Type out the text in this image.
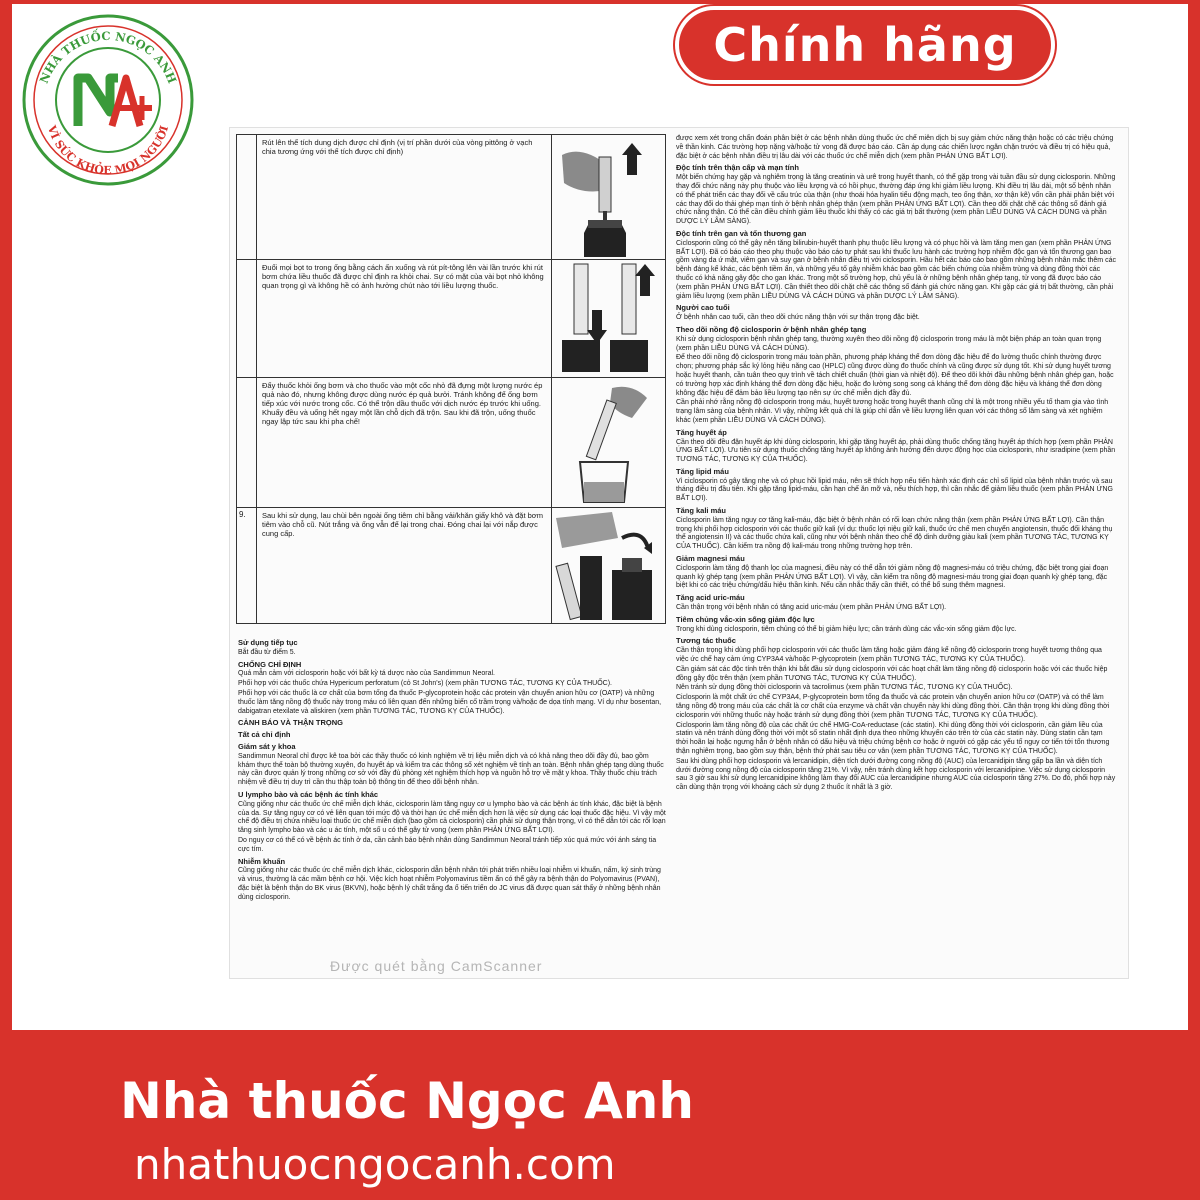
NHÀ THUỐC NGỌC ANH
VÌ SỨC KHỎE MỌI NGƯỜI
Chính hãng
Rút lên thể tích dung dịch được chỉ định (vị trí phần dưới của vòng pittông ở vạch chia tương ứng với thể tích được chỉ định)
Đuổi mọi bọt to trong ống bằng cách ấn xuống và rút pít-tông lên vài lần trước khi rút bơm chứa liều thuốc đã được chỉ định ra khỏi chai. Sự có mặt của vài bọt nhỏ không quan trọng gì và không hề có ảnh hưởng chút nào tới liều lượng thuốc.
Đẩy thuốc khỏi ống bơm và cho thuốc vào một cốc nhỏ đã đựng một lượng nước ép quả nào đó, nhưng không được dùng nước ép quả bưởi. Tránh không để ống bơm tiếp xúc với nước trong cốc. Có thể trộn dầu thuốc với dịch nước ép trước khi uống. Khuấy đều và uống hết ngay một lần chỗ dịch đã trộn. Sau khi đã trộn, uống thuốc ngay lập tức sau khi pha chế!
9.	Sau khi sử dụng, lau chùi bên ngoài ống tiêm chỉ bằng vải/khăn giấy khô và đặt bơm tiêm vào chỗ cũ. Nút trắng và ống vẫn để lại trong chai. Đóng chai lại với nắp được cung cấp.
Sử dụng tiếp tục

Bắt đầu từ điểm 5.

CHỐNG CHỈ ĐỊNH

Quá mẫn cảm với ciclosporin hoặc với bất kỳ tá dược nào của Sandimmun Neoral.

Phối hợp với các thuốc chứa Hypericum perforatum (cỏ St John's) (xem phần TƯƠNG TÁC, TƯƠNG KỴ CỦA THUỐC).

Phối hợp với các thuốc là cơ chất của bơm tống đa thuốc P-glycoprotein hoặc các protein vận chuyển anion hữu cơ (OATP) và những thuốc làm tăng nồng độ thuốc này trong máu có liên quan đến những biến cố trầm trọng và/hoặc đe dọa tính mạng. Ví dụ như bosentan, dabigatran etexilate và aliskiren (xem phần TƯƠNG TÁC, TƯƠNG KỴ CỦA THUỐC).

CẢNH BÁO VÀ THẬN TRỌNG
Tất cả chỉ định
Giám sát y khoa

Sandimmun Neoral chỉ được kê toa bởi các thầy thuốc có kinh nghiệm về trị liệu miễn dịch và có khả năng theo dõi đầy đủ, bao gồm khám thực thể toàn bộ thường xuyên, đo huyết áp và kiểm tra các thông số xét nghiệm về tính an toàn. Bệnh nhân ghép tạng dùng thuốc này cần được quản lý trong những cơ sở với đầy đủ phòng xét nghiệm thích hợp và nguồn hỗ trợ về mặt y khoa. Thầy thuốc chịu trách nhiệm về điều trị duy trì cần thu thập toàn bộ thông tin để theo dõi bệnh nhân.

U lympho bào và các bệnh ác tính khác

Cũng giống như các thuốc ức chế miễn dịch khác, ciclosporin làm tăng nguy cơ u lympho bào và các bệnh ác tính khác, đặc biệt là bệnh của da. Sự tăng nguy cơ có vẻ liên quan tới mức độ và thời hạn ức chế miễn dịch hơn là việc sử dụng các loại thuốc đặc hiệu. Vì vậy một chế độ điều trị chứa nhiều loại thuốc ức chế miễn dịch (bao gồm cả ciclosporin) cần phải sử dụng thận trọng, vì có thể dẫn tới các rối loạn tăng sinh lympho bào và các u ác tính, một số u có thể gây tử vong (xem phần PHẢN ỨNG BẤT LỢI).

Do nguy cơ có thể có về bệnh ác tính ở da, cần cảnh báo bệnh nhân dùng Sandimmun Neoral tránh tiếp xúc quá mức với ánh sáng tia cực tím.

Nhiễm khuẩn

Cũng giống như các thuốc ức chế miễn dịch khác, ciclosporin dẫn bệnh nhân tới phát triển nhiều loại nhiễm vi khuẩn, nấm, ký sinh trùng và virus, thường là các mầm bệnh cơ hội. Việc kích hoạt nhiễm Polyomavirus tiềm ẩn có thể gây ra bệnh thận do Polyomavirus (PVAN), đặc biệt là bệnh thận do BK virus (BKVN), hoặc bệnh lý chất trắng đa ổ tiến triển do JC virus đã được quan sát thấy ở những bệnh nhân dùng ciclosporin.

được xem xét trong chẩn đoán phân biệt ở các bệnh nhân dùng thuốc ức chế miễn dịch bị suy giảm chức năng thận hoặc có các triệu chứng về thần kinh. Các trường hợp nặng và/hoặc tử vong đã được báo cáo. Cần áp dụng các chiến lược ngăn chặn trước và điều trị có hiệu quả, đặc biệt ở các bệnh nhân điều trị lâu dài với các thuốc ức chế miễn dịch (xem phần PHẢN ỨNG BẤT LỢI).

Độc tính trên thận cấp và mạn tính

Một biến chứng hay gặp và nghiêm trọng là tăng creatinin và urê trong huyết thanh, có thể gặp trong vài tuần đầu sử dụng ciclosporin. Những thay đổi chức năng này phụ thuộc vào liều lượng và có hồi phục, thường đáp ứng khi giảm liều lượng. Khi điều trị lâu dài, một số bệnh nhân có thể phát triển các thay đổi về cấu trúc của thận (như thoái hóa hyalin tiểu động mạch, teo ống thận, xơ thận kẽ) vốn cần phải phân biệt với các thay đổi do thải ghép mạn tính ở bệnh nhân ghép thận (xem phần PHẢN ỨNG BẤT LỢI). Cần theo dõi chặt chẽ các thông số đánh giá chức năng thận. Có thể cần điều chỉnh giảm liều thuốc khi thấy có các giá trị bất thường (xem phần LIỀU DÙNG VÀ CÁCH DÙNG và phần DƯỢC LÝ LÂM SÀNG).

Độc tính trên gan và tổn thương gan

Ciclosporin cũng có thể gây nên tăng bilirubin-huyết thanh phụ thuộc liều lượng và có phục hồi và làm tăng men gan (xem phần PHẢN ỨNG BẤT LỢI). Đã có báo cáo theo phụ thuộc vào báo cáo tự phát sau khi thuốc lưu hành các trường hợp nhiễm độc gan và tổn thương gan bao gồm vàng da ứ mật, viêm gan và suy gan ở bệnh nhân điều trị với ciclosporin. Hầu hết các báo cáo bao gồm những bệnh nhân mắc thêm các bệnh đáng kể khác, các bệnh tiềm ẩn, và những yếu tố gây nhiễm khác bao gồm các biến chứng của nhiễm trùng và dùng đồng thời các thuốc có khả năng gây độc cho gan khác. Trong một số trường hợp, chủ yếu là ở những bệnh nhân ghép tạng, tử vong đã được báo cáo (xem phần PHẢN ỨNG BẤT LỢI). Cần thiết theo dõi chặt chẽ các thông số đánh giá chức năng gan. Khi gặp các giá trị bất thường, cần phải giảm liều lượng (xem phần LIỀU DÙNG VÀ CÁCH DÙNG và phần DƯỢC LÝ LÂM SÀNG).

Người cao tuổi

Ở bệnh nhân cao tuổi, cần theo dõi chức năng thận với sự thận trọng đặc biệt.

Theo dõi nồng độ ciclosporin ở bệnh nhân ghép tạng

Khi sử dụng ciclosporin bệnh nhân ghép tạng, thường xuyên theo dõi nồng độ ciclosporin trong máu là một biện pháp an toàn quan trọng (xem phần LIỀU DÙNG VÀ CÁCH DÙNG).

Để theo dõi nồng độ ciclosporin trong máu toàn phần, phương pháp kháng thể đơn dòng đặc hiệu để đo lường thuốc chính thường được chọn; phương pháp sắc ký lỏng hiệu năng cao (HPLC) cũng được dùng đo thuốc chính và cũng được sử dụng tốt. Khi sử dụng huyết tương hoặc huyết thanh, cần tuân theo quy trình về tách chiết chuẩn (thời gian và nhiệt độ). Để theo dõi khởi đầu những bệnh nhân ghép gan, hoặc có trường hợp xác định kháng thể đơn dòng đặc hiệu, hoặc đo lường song song cả kháng thể đơn dòng đặc hiệu và kháng thể đơn dòng không đặc hiệu để đảm bảo liều lượng tạo nên sự ức chế miễn dịch đầy đủ.

Cần phải nhớ rằng nồng độ ciclosporin trong máu, huyết tương hoặc trong huyết thanh cũng chỉ là một trong nhiều yếu tố tham gia vào tình trạng lâm sàng của bệnh nhân. Vì vậy, những kết quả chỉ là giúp chỉ dẫn về liều lượng liên quan với các thông số lâm sàng và xét nghiệm khác (xem phần LIỀU DÙNG VÀ CÁCH DÙNG).

Tăng huyết áp

Cần theo dõi đều đặn huyết áp khi dùng ciclosporin, khi gặp tăng huyết áp, phải dùng thuốc chống tăng huyết áp thích hợp (xem phần PHẢN ỨNG BẤT LỢI). Ưu tiên sử dụng thuốc chống tăng huyết áp không ảnh hưởng đến dược động học của ciclosporin, như isradipine (xem phần TƯƠNG TÁC, TƯƠNG KỴ CỦA THUỐC).

Tăng lipid máu

Vì ciclosporin có gây tăng nhẹ và có phục hồi lipid máu, nên sẽ thích hợp nếu tiến hành xác định các chỉ số lipid của bệnh nhân trước và sau tháng điều trị đầu tiên. Khi gặp tăng lipid-máu, cần hạn chế ăn mỡ và, nếu thích hợp, thì cần nhắc để giảm liều thuốc (xem phần PHẢN ỨNG BẤT LỢI).

Tăng kali máu

Ciclosporin làm tăng nguy cơ tăng kali-máu, đặc biệt ở bệnh nhân có rối loạn chức năng thận (xem phần PHẢN ỨNG BẤT LỢI). Cần thận trọng khi phối hợp ciclosporin với các thuốc giữ kali (ví dụ: thuốc lợi niệu giữ kali, thuốc ức chế men chuyển angiotensin, thuốc đối kháng thụ thể angiotensin II) và các thuốc chứa kali, cũng như với bệnh nhân theo chế độ dinh dưỡng giàu kali (xem phần TƯƠNG TÁC, TƯƠNG KỴ CỦA THUỐC). Cần kiểm tra nồng độ kali-máu trong những trường hợp trên.

Giảm magnesi máu

Ciclosporin làm tăng độ thanh lọc của magnesi, điều này có thể dẫn tới giảm nồng độ magnesi-máu có triệu chứng, đặc biệt trong giai đoạn quanh kỳ ghép tạng (xem phần PHẢN ỨNG BẤT LỢI). Vì vậy, cần kiểm tra nồng độ magnesi-máu trong giai đoạn quanh kỳ ghép tạng, đặc biệt khi có các triệu chứng/dấu hiệu thần kinh. Nếu cần nhắc thấy cần thiết, có thể bổ sung thêm magnesi.

Tăng acid uric-máu

Cần thận trọng với bệnh nhân có tăng acid uric-máu (xem phần PHẢN ỨNG BẤT LỢI).

Tiêm chủng vắc-xin sống giảm độc lực

Trong khi dùng ciclosporin, tiêm chủng có thể bị giảm hiệu lực; cần tránh dùng các vắc-xin sống giảm độc lực.

Tương tác thuốc

Cần thận trọng khi dùng phối hợp ciclosporin với các thuốc làm tăng hoặc giảm đáng kể nồng độ ciclosporin trong huyết tương thông qua việc ức chế hay cảm ứng CYP3A4 và/hoặc P-glycoprotein (xem phần TƯƠNG TÁC, TƯƠNG KỴ CỦA THUỐC).

Cần giám sát các độc tính trên thận khi bắt đầu sử dụng ciclosporin với các hoạt chất làm tăng nồng độ ciclosporin hoặc với các thuốc hiệp đồng gây độc trên thận (xem phần TƯƠNG TÁC, TƯƠNG KỴ CỦA THUỐC).

Nên tránh sử dụng đồng thời ciclosporin và tacrolimus (xem phần TƯƠNG TÁC, TƯƠNG KỴ CỦA THUỐC).

Ciclosporin là một chất ức chế CYP3A4, P-glycoprotein bơm tống đa thuốc và các protein vận chuyển anion hữu cơ (OATP) và có thể làm tăng nồng độ trong máu của các chất là cơ chất của enzyme và chất vận chuyển này khi dùng đồng thời. Cần thận trọng khi dùng đồng thời ciclosporin với những thuốc này hoặc tránh sử dụng đồng thời (xem phần TƯƠNG TÁC, TƯƠNG KỴ CỦA THUỐC).

Ciclosporin làm tăng nồng độ của các chất ức chế HMG-CoA-reductase (các statin). Khi dùng đồng thời với ciclosporin, cần giảm liều của statin và nên tránh dùng đồng thời với một số statin nhất định dựa theo những khuyến cáo trên tờ của các statin này. Dùng statin cần tạm thời hoãn lại hoặc ngưng hẳn ở bệnh nhân có dấu hiệu và triệu chứng bệnh cơ hoặc ở người có gặp các yếu tố nguy cơ tiến tới tổn thương thận nghiêm trọng, bao gồm suy thận, bệnh thứ phát sau tiêu cơ vân (xem phần TƯƠNG TÁC, TƯƠNG KỴ CỦA THUỐC).

Sau khi dùng phối hợp ciclosporin và lercanidipin, diện tích dưới đường cong nồng độ (AUC) của lercanidipin tăng gấp ba lần và diện tích dưới đường cong nồng độ của ciclosporin tăng 21%. Vì vậy, nên tránh dùng kết hợp ciclosporin với lercanidipine. Việc sử dụng ciclosporin sau 3 giờ sau khi sử dụng lercanidipine không làm thay đổi AUC của lercanidipine nhưng AUC của ciclosporin tăng 27%. Do đó, phối hợp này cần dùng thận trọng với khoảng cách sử dụng 2 thuốc ít nhất là 3 giờ.

Được quét bằng CamScanner
Nhà thuốc Ngọc Anh
nhathuocngocanh.com
